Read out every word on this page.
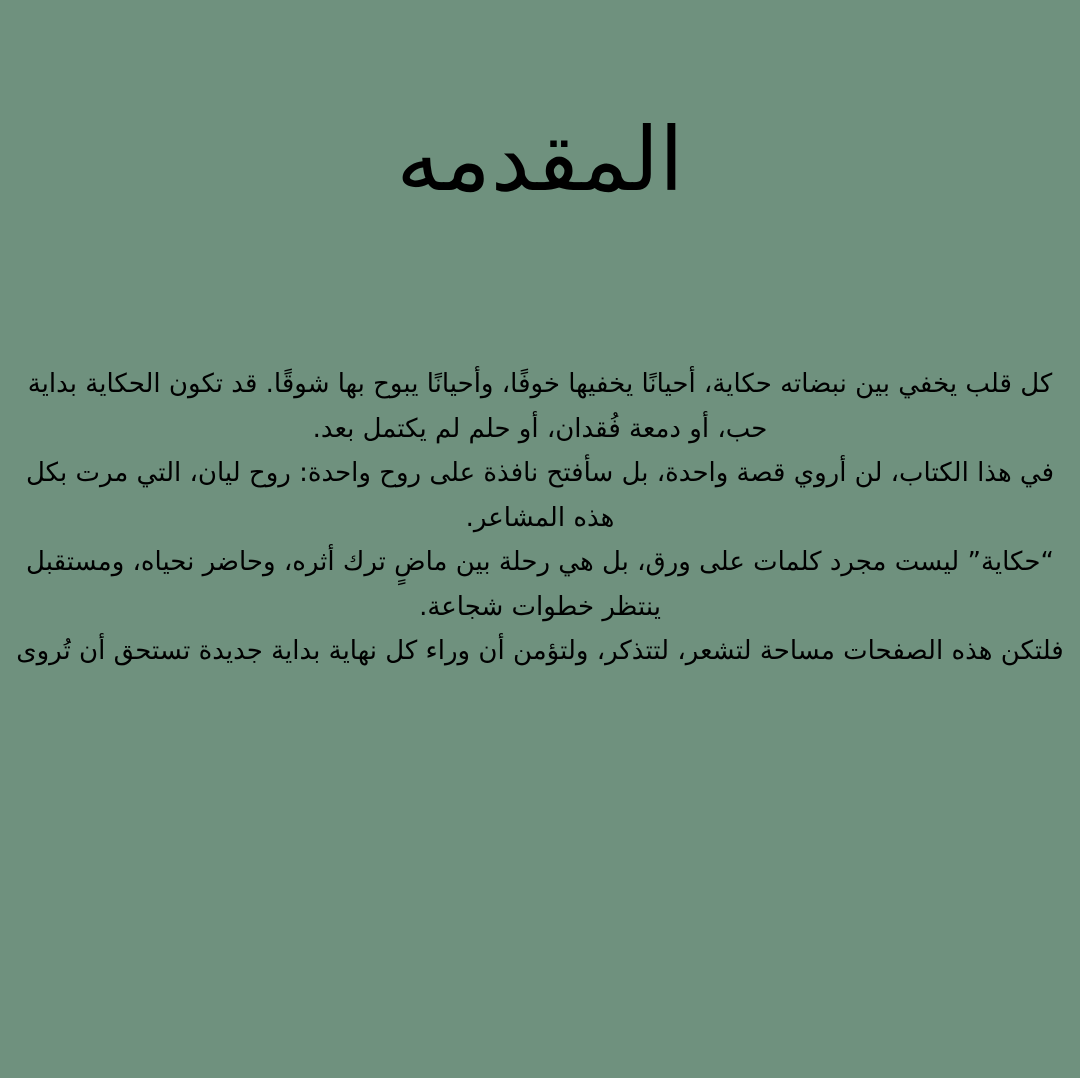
المقدمه

كل قلب يخفي بين نبضاته حكاية، أحيانًا يخفيها خوفًا، وأحيانًا يبوح بها شوقًا. قد تكون الحكاية بداية حب، أو دمعة فُقدان، أو حلم لم يكتمل بعد.

في هذا الكتاب، لن أروي قصة واحدة، بل سأفتح نافذة على روح واحدة: روح ليان، التي مرت بكل هذه المشاعر.

“حكاية” ليست مجرد كلمات على ورق، بل هي رحلة بين ماضٍ ترك أثره، وحاضر نحياه، ومستقبل ينتظر خطوات شجاعة.

فلتكن هذه الصفحات مساحة لتشعر، لتتذكر، ولتؤمن أن وراء كل نهاية بداية جديدة تستحق أن تُروى
